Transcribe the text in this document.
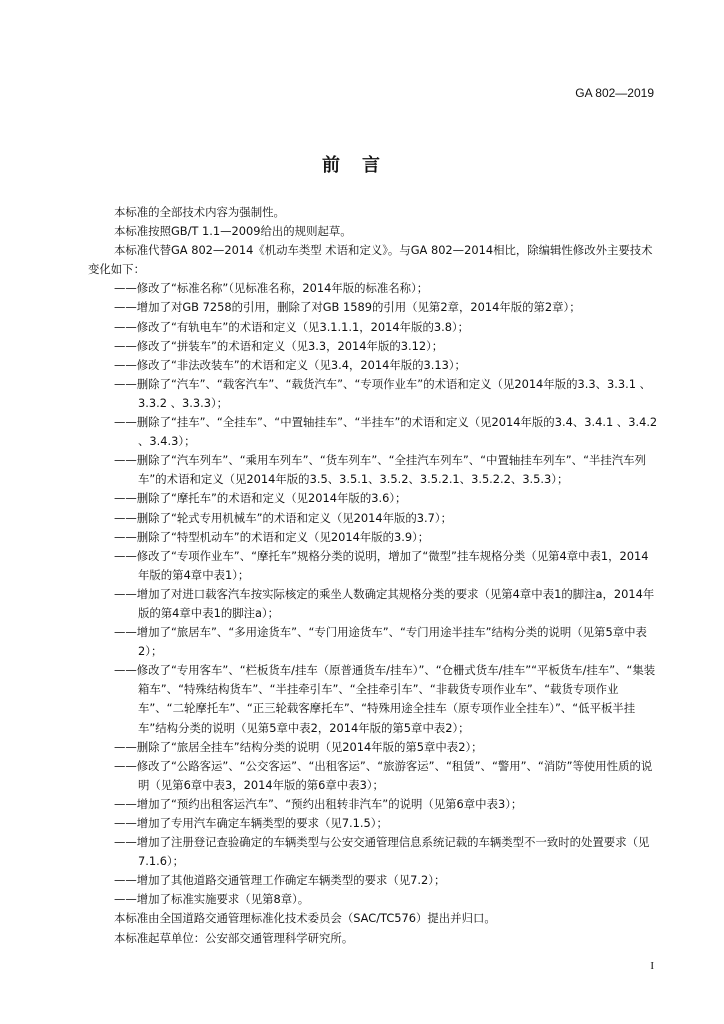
GA 802—2019
前言

本标准的全部技术内容为强制性。

本标准按照GB/T 1.1—2009给出的规则起草。

本标准代替GA 802—2014《机动车类型 术语和定义》。与GA 802—2014相比，除编辑性修改外主要技术变化如下：

——修改了“标准名称”（见标准名称，2014年版的标准名称）；

——增加了对GB 7258的引用，删除了对GB 1589的引用（见第2章，2014年版的第2章）；

——修改了“有轨电车”的术语和定义（见3.1.1.1，2014年版的3.8）；

——修改了“拼装车”的术语和定义（见3.3，2014年版的3.12）；

——修改了“非法改装车”的术语和定义（见3.4，2014年版的3.13）；

——删除了“汽车”、“载客汽车”、“载货汽车”、“专项作业车”的术语和定义（见2014年版的3.3、3.3.1 、3.3.2 、3.3.3）；

——删除了“挂车”、“全挂车”、“中置轴挂车”、“半挂车”的术语和定义（见2014年版的3.4、3.4.1 、3.4.2 、3.4.3）；

——删除了“汽车列车”、“乘用车列车”、“货车列车”、“全挂汽车列车”、“中置轴挂车列车”、“半挂汽车列车”的术语和定义（见2014年版的3.5、3.5.1、3.5.2、3.5.2.1、3.5.2.2、3.5.3）；

——删除了“摩托车”的术语和定义（见2014年版的3.6）；

——删除了“轮式专用机械车”的术语和定义（见2014年版的3.7）；

——删除了“特型机动车”的术语和定义（见2014年版的3.9）；

——修改了“专项作业车”、“摩托车”规格分类的说明，增加了“微型”挂车规格分类（见第4章中表1，2014年版的第4章中表1）；

——增加了对进口载客汽车按实际核定的乘坐人数确定其规格分类的要求（见第4章中表1的脚注a，2014年版的第4章中表1的脚注a）；

——增加了“旅居车”、“多用途货车”、“专门用途货车”、“专门用途半挂车”结构分类的说明（见第5章中表2）；

——修改了“专用客车”、“栏板货车/挂车（原普通货车/挂车）”、“仓栅式货车/挂车”“平板货车/挂车”、“集装箱车”、“特殊结构货车”、“半挂牵引车”、“全挂牵引车”、“非载货专项作业车”、“载货专项作业车”、“二轮摩托车”、“正三轮载客摩托车”、“特殊用途全挂车（原专项作业全挂车）”、“低平板半挂车”结构分类的说明（见第5章中表2，2014年版的第5章中表2）；

——删除了“旅居全挂车”结构分类的说明（见2014年版的第5章中表2）；

——修改了“公路客运”、“公交客运”、“出租客运”、“旅游客运”、“租赁”、“警用”、“消防”等使用性质的说明（见第6章中表3，2014年版的第6章中表3）；

——增加了“预约出租客运汽车”、“预约出租转非汽车”的说明（见第6章中表3）；

——增加了专用汽车确定车辆类型的要求（见7.1.5）；

——增加了注册登记查验确定的车辆类型与公安交通管理信息系统记载的车辆类型不一致时的处置要求（见7.1.6）；

——增加了其他道路交通管理工作确定车辆类型的要求（见7.2）；

——增加了标准实施要求（见第8章）。

本标准由全国道路交通管理标准化技术委员会（SAC/TC576）提出并归口。

本标准起草单位：公安部交通管理科学研究所。

I
